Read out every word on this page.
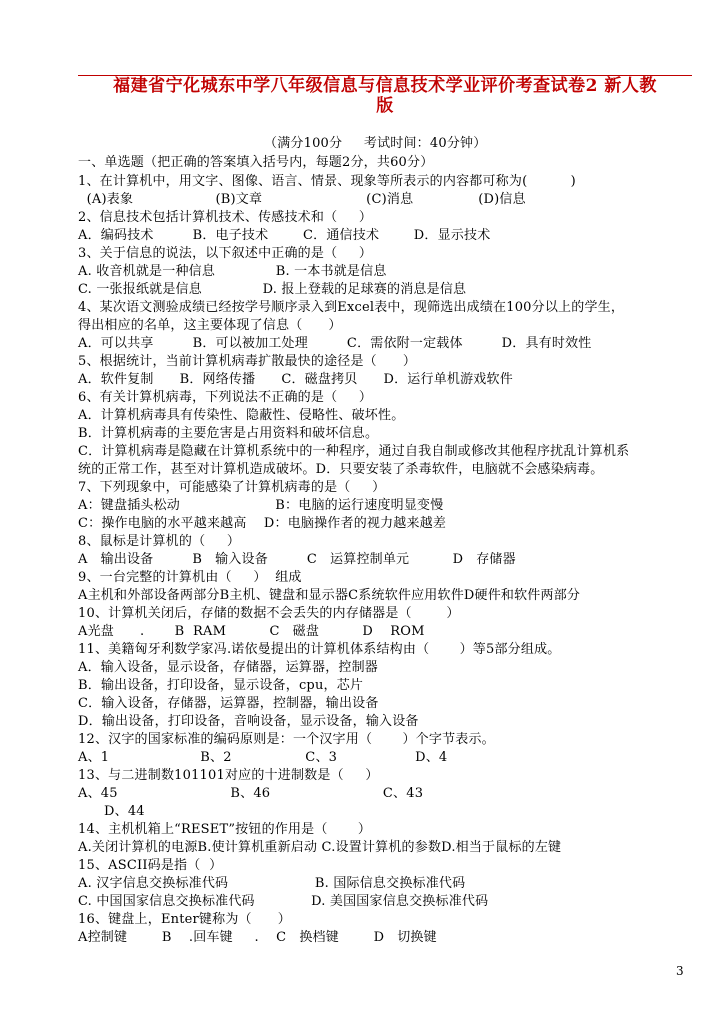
福建省宁化城东中学八年级信息与信息技术学业评价考查试卷2 新人教
版
（满分100分     考试时间：40分钟）
一、单选题（把正确的答案填入括号内，每题2分，共60分）
1、在计算机中，用文字、图像、语言、情景、现象等所表示的内容都可称为(          )
(A)表象                   (B)文章                        (C)消息               (D)信息
2、信息技术包括计算机技术、传感技术和（     ）
A．编码技术         B．电子技术        C．通信技术        D．显示技术
3、关于信息的说法，以下叙述中正确的是（     ）
A. 收音机就是一种信息              B. 一本书就是信息
C. 一张报纸就是信息              D. 报上登载的足球赛的消息是信息
4、某次语文测验成绩已经按学号顺序录入到Excel表中，现筛选出成绩在100分以上的学生，
得出相应的名单，这主要体现了信息（      ）
A．可以共享         B．可以被加工处理         C．需依附一定载体         D．具有时效性
5、根据统计，当前计算机病毒扩散最快的途径是（      ）
A．软件复制      B．网络传播      C．磁盘拷贝      D．运行单机游戏软件
6、有关计算机病毒，下列说法不正确的是（     ）
A．计算机病毒具有传染性、隐蔽性、侵略性、破坏性。
B．计算机病毒的主要危害是占用资料和破坏信息。
C．计算机病毒是隐藏在计算机系统中的一种程序，通过自我自制或修改其他程序扰乱计算机系
统的正常工作，甚至对计算机造成破坏。D．只要安装了杀毒软件，电脑就不会感染病毒。
7、下列现象中，可能感染了计算机病毒的是（     ）
A：键盘插头松动                      B：电脑的运行速度明显变慢
C：操作电脑的水平越来越高    D：电脑操作者的视力越来越差
8、鼠标是计算机的（     ）
A   输出设备         B   输入设备         C   运算控制单元          D   存储器
9、一台完整的计算机由（     ）  组成
A主机和外部设备两部分B主机、键盘和显示器C系统软件应用软件D硬件和软件两部分
10、计算机关闭后，存储的数据不会丢失的内存储器是（        ）
A光盘      .       B  RAM          C   磁盘          D    ROM
11、美籍匈牙利数学家冯.诺依曼提出的计算机体系结构由（       ）等5部分组成。
A．输入设备，显示设备，存储器，运算器，控制器
B．输出设备，打印设备，显示设备，cpu，芯片
C．输入设备，存储器，运算器，控制器，输出设备
D．输出设备，打印设备，音响设备，显示设备，输入设备
12、汉字的国家标准的编码原则是：一个汉字用（       ）个字节表示。
A、1                     B、2                 C、3                  D、4
13、与二进制数101101对应的十进制数是（     ）
A、45                          B、46                          C、43
D、44
14、主机机箱上“RESET”按钮的作用是（       ）
A.关闭计算机的电源B.使计算机重新启动 C.设置计算机的参数D.相当于鼠标的左键
15、ASCII码是指（  ）
A. 汉字信息交换标准代码                    B. 国际信息交换标准代码
C. 中国国家信息交换标准代码             D. 美国国家信息交换标准代码
16、键盘上，Enter键称为（      ）
A控制键        B    .回车键     .    C   换档键        D   切换键
3
